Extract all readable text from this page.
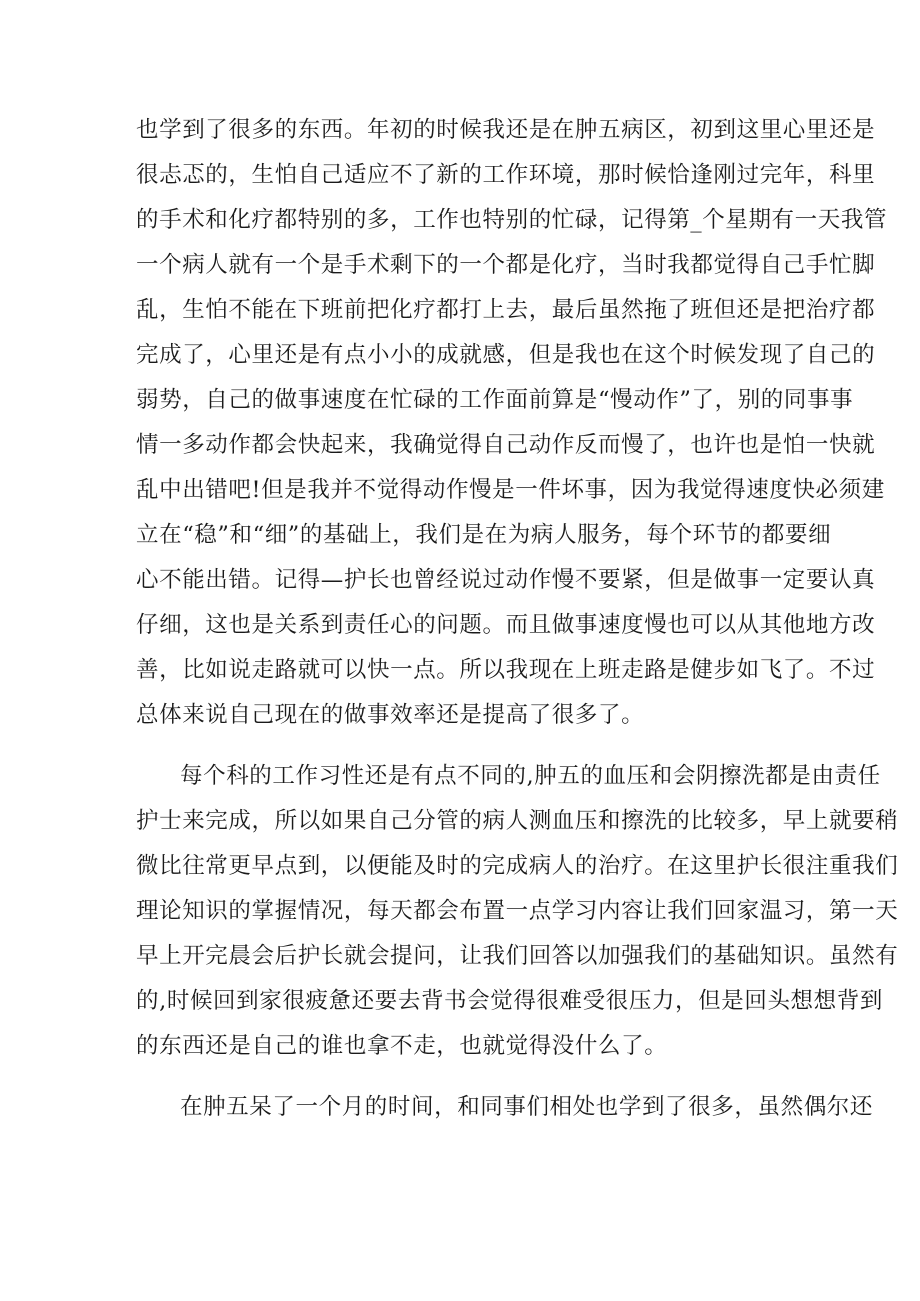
也学到了很多的东西。年初的时候我还是在肿五病区，初到这里心里还是
很忐忑的，生怕自己适应不了新的工作环境，那时候恰逢刚过完年，科里
的手术和化疗都特别的多，工作也特别的忙碌，记得第_个星期有一天我管
一个病人就有一个是手术剩下的一个都是化疗，当时我都觉得自己手忙脚
乱，生怕不能在下班前把化疗都打上去，最后虽然拖了班但还是把治疗都
完成了，心里还是有点小小的成就感，但是我也在这个时候发现了自己的
弱势，自己的做事速度在忙碌的工作面前算是“慢动作”了，别的同事事
情一多动作都会快起来，我确觉得自己动作反而慢了，也许也是怕一快就
乱中出错吧!但是我并不觉得动作慢是一件坏事，因为我觉得速度快必须建
立在“稳”和“细”的基础上，我们是在为病人服务，每个环节的都要细
心不能出错。记得—护长也曾经说过动作慢不要紧，但是做事一定要认真
仔细，这也是关系到责任心的问题。而且做事速度慢也可以从其他地方改
善，比如说走路就可以快一点。所以我现在上班走路是健步如飞了。不过
总体来说自己现在的做事效率还是提高了很多了。
每个科的工作习性还是有点不同的,肿五的血压和会阴擦洗都是由责任
护士来完成，所以如果自己分管的病人测血压和擦洗的比较多，早上就要稍
微比往常更早点到，以便能及时的完成病人的治疗。在这里护长很注重我们
理论知识的掌握情况，每天都会布置一点学习内容让我们回家温习，第一天
早上开完晨会后护长就会提问，让我们回答以加强我们的基础知识。虽然有
的,时候回到家很疲惫还要去背书会觉得很难受很压力，但是回头想想背到
的东西还是自己的谁也拿不走，也就觉得没什么了。
在肿五呆了一个月的时间，和同事们相处也学到了很多，虽然偶尔还
